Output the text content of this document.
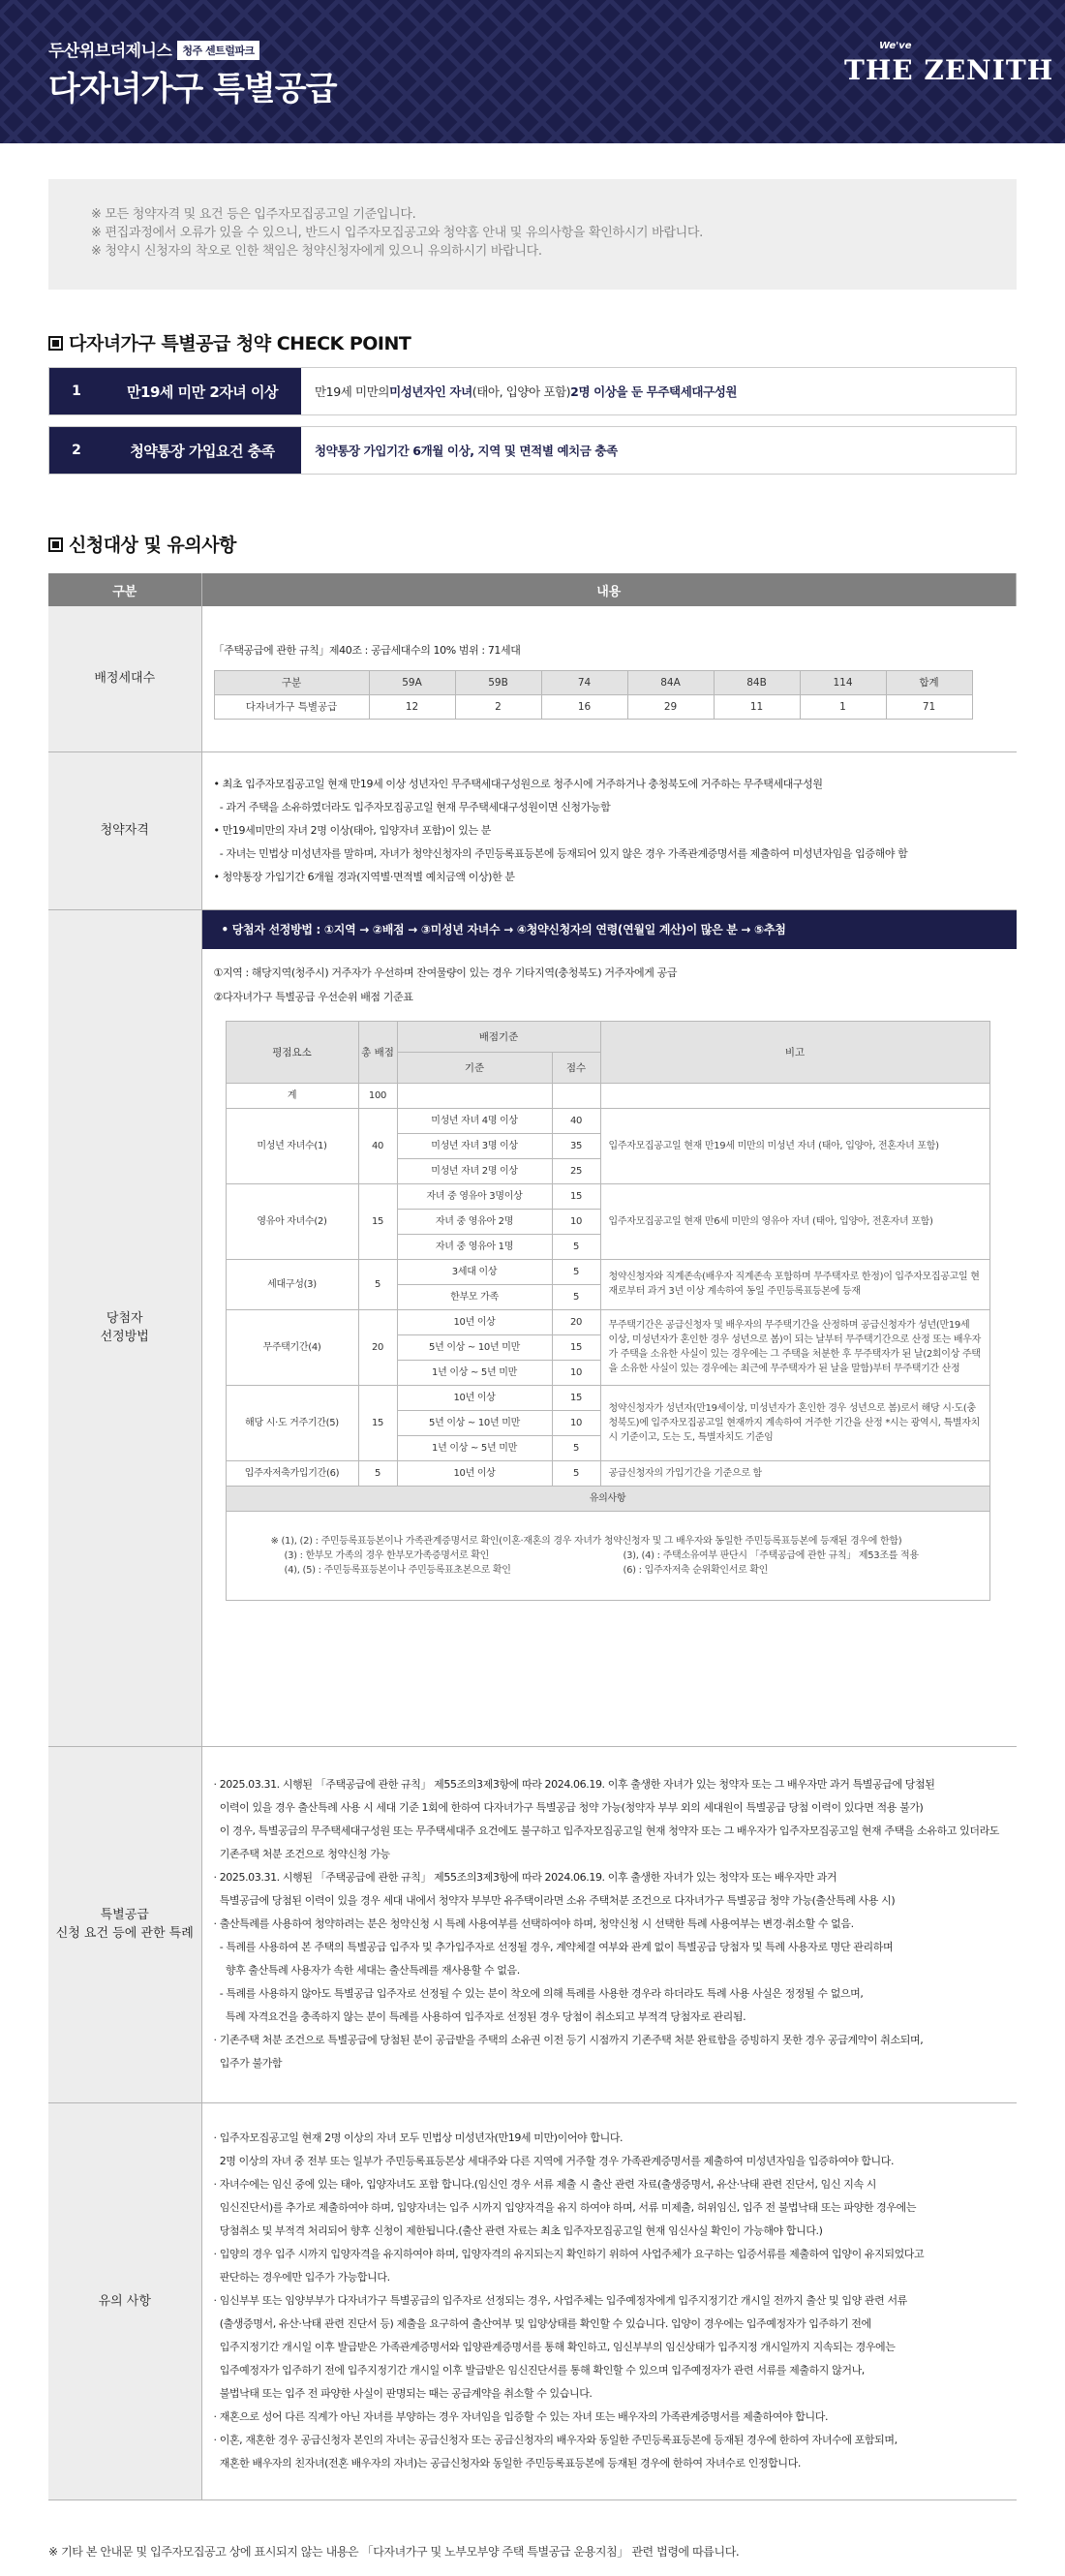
두산위브더제니스 청주 센트럴파크
다자녀가구 특별공급
We've
THE ZENITH
※ 모든 청약자격 및 요건 등은 입주자모집공고일 기준입니다.
※ 편집과정에서 오류가 있을 수 있으니, 반드시 입주자모집공고와 청약홈 안내 및 유의사항을 확인하시기 바랍니다.
※ 청약시 신청자의 착오로 인한 책임은 청약신청자에게 있으니 유의하시기 바랍니다.
다자녀가구 특별공급 청약 CHECK POINT
1	만19세 미만 2자녀 이상	만19세 미만의 미성년자인 자녀 (태아, 입양아 포함) 2명 이상을 둔 무주택세대구성원
2	청약통장 가입요건 충족	청약통장 가입기간 6개월 이상, 지역 및 면적별 예치금 충족
신청대상 및 유의사항
구분	내용
배정세대수	
「주택공급에 관한 규칙」제40조 : 공급세대수의 10% 범위 : 71세대
구분	59A	59B	74	84A	84B	114	합계
다자녀가구 특별공급	12	2	16	29	11	1	71

청약자격	
• 최초 입주자모집공고일 현재 만19세 이상 성년자인 무주택세대구성원으로 청주시에 거주하거나 충청북도에 거주하는 무주택세대구성원
- 과거 주택을 소유하였더라도 입주자모집공고일 현재 무주택세대구성원이면 신청가능함
• 만19세미만의 자녀 2명 이상(태아, 입양자녀 포함)이 있는 분
- 자녀는 민법상 미성년자를 말하며, 자녀가 청약신청자의 주민등록표등본에 등재되어 있지 않은 경우 가족관계증명서를 제출하여 미성년자임을 입증해야 함
• 청약통장 가입기간 6개월 경과(지역별·면적별 예치금액 이상)한 분

당첨자
선정방법	
• 당첨자 선정방법 : ①지역 → ②배점 → ③미성년 자녀수 → ④청약신청자의 연령(연월일 계산)이 많은 분 → ⑤추첨
①지역 : 해당지역(청주시) 거주자가 우선하며 잔여물량이 있는 경우 기타지역(충청북도) 거주자에게 공급
②다자녀가구 특별공급 우선순위 배점 기준표
평점요소	총 배점	배점기준	비고
기준	점수
계	100			
미성년 자녀수(1)	40	미성년 자녀 4명 이상	40	입주자모집공고일 현재 만19세 미만의 미성년 자녀 (태아, 입양아, 전혼자녀 포함)
미성년 자녀 3명 이상	35
미성년 자녀 2명 이상	25
영유아 자녀수(2)	15	자녀 중 영유아 3명이상	15	입주자모집공고일 현재 만6세 미만의 영유아 자녀 (태아, 입양아, 전혼자녀 포함)
자녀 중 영유아 2명	10
자녀 중 영유아 1명	5
세대구성(3)	5	3세대 이상	5	청약신청자와 직계존속(배우자 직계존속 포함하며 무주택자로 한정)이 입주자모집공고일 현재로부터 과거 3년 이상 계속하여 동일 주민등록표등본에 등재
한부모 가족	5
무주택기간(4)	20	10년 이상	20	무주택기간은 공급신청자 및 배우자의 무주택기간을 산정하며 공급신청자가 성년(만19세 이상, 미성년자가 혼인한 경우 성년으로 봄)이 되는 날부터 무주택기간으로 산정 또는 배우자가 주택을 소유한 사실이 있는 경우에는 그 주택을 처분한 후 무주택자가 된 날(2회이상 주택을 소유한 사실이 있는 경우에는 최근에 무주택자가 된 날을 말함)부터 무주택기간 산정
5년 이상 ~ 10년 미만	15
1년 이상 ~ 5년 미만	10
해당 시·도 거주기간(5)	15	10년 이상	15	청약신청자가 성년자(만19세이상, 미성년자가 혼인한 경우 성년으로 봄)로서 해당 시·도(충청북도)에 입주자모집공고일 현재까지 계속하여 거주한 기간을 산정 *시는 광역시, 특별자치시 기준이고, 도는 도, 특별자치도 기준임
5년 이상 ~ 10년 미만	10
1년 이상 ~ 5년 미만	5
입주자저축가입기간(6)	5	10년 이상	5	공급신청자의 가입기간을 기준으로 함
유의사항

※ (1), (2) : 주민등록표등본이나 가족관계증명서로 확인(이혼·재혼의 경우 자녀가 청약신청자 및 그 배우자와 동일한 주민등록표등본에 등재된 경우에 한함)
(3) : 한부모 가족의 경우 한부모가족증명서로 확인	(3), (4) : 주택소유여부 판단시 「주택공급에 관한 규칙」 제53조를 적용
(4), (5) : 주민등록표등본이나 주민등록표초본으로 확인	(6) : 입주자저축 순위확인서로 확인

특별공급
신청 요건 등에 관한 특례	
· 2025.03.31. 시행된 「주택공급에 관한 규칙」 제55조의3제3항에 따라 2024.06.19. 이후 출생한 자녀가 있는 청약자 또는 그 배우자만 과거 특별공급에 당첨된
이력이 있을 경우 출산특례 사용 시 세대 기준 1회에 한하여 다자녀가구 특별공급 청약 가능(청약자 부부 외의 세대원이 특별공급 당첨 이력이 있다면 적용 불가)
이 경우, 특별공급의 무주택세대구성원 또는 무주택세대주 요건에도 불구하고 입주자모집공고일 현재 청약자 또는 그 배우자가 입주자모집공고일 현재 주택을 소유하고 있더라도
기존주택 처분 조건으로 청약신청 가능
· 2025.03.31. 시행된 「주택공급에 관한 규칙」 제55조의3제3항에 따라 2024.06.19. 이후 출생한 자녀가 있는 청약자 또는 배우자만 과거
특별공급에 당첨된 이력이 있을 경우 세대 내에서 청약자 부부만 유주택이라면 소유 주택처분 조건으로 다자녀가구 특별공급 청약 가능(출산특례 사용 시)
· 출산특례를 사용하여 청약하려는 분은 청약신청 시 특례 사용여부를 선택하여야 하며, 청약신청 시 선택한 특례 사용여부는 변경·취소할 수 없음.
- 특례를 사용하여 본 주택의 특별공급 입주자 및 추가입주자로 선정될 경우, 계약체결 여부와 관계 없이 특별공급 당첨자 및 특례 사용자로 명단 관리하며
향후 출산특례 사용자가 속한 세대는 출산특례를 재사용할 수 없음.
- 특례를 사용하지 않아도 특별공급 입주자로 선정될 수 있는 분이 착오에 의해 특례를 사용한 경우라 하더라도 특례 사용 사실은 정정될 수 없으며,
특례 자격요건을 충족하지 않는 분이 특례를 사용하여 입주자로 선정된 경우 당첨이 취소되고 부적격 당첨자로 관리됨.
· 기존주택 처분 조건으로 특별공급에 당첨된 분이 공급받을 주택의 소유권 이전 등기 시점까지 기존주택 처분 완료함을 증빙하지 못한 경우 공급계약이 취소되며,
입주가 불가함

유의 사항	
· 입주자모집공고일 현재 2명 이상의 자녀 모두 민법상 미성년자(만19세 미만)이어야 합니다.
2명 이상의 자녀 중 전부 또는 일부가 주민등록표등본상 세대주와 다른 지역에 거주할 경우 가족관계증명서를 제출하여 미성년자임을 입증하여야 합니다.
· 자녀수에는 임신 중에 있는 태아, 입양자녀도 포함 합니다.(임신인 경우 서류 제출 시 출산 관련 자료(출생증명서, 유산·낙태 관련 진단서, 임신 지속 시
임신진단서)를 추가로 제출하여야 하며, 입양자녀는 입주 시까지 입양자격을 유지 하여야 하며, 서류 미제출, 허위임신, 입주 전 불법낙태 또는 파양한 경우에는
당첨취소 및 부적격 처리되어 향후 신청이 제한됩니다.(출산 관련 자료는 최초 입주자모집공고일 현재 임신사실 확인이 가능해야 합니다.)
· 입양의 경우 입주 시까지 입양자격을 유지하여야 하며, 입양자격의 유지되는지 확인하기 위하여 사업주체가 요구하는 입증서류를 제출하여 입양이 유지되었다고
판단하는 경우에만 입주가 가능합니다.
· 임신부부 또는 임양부부가 다자녀가구 특별공급의 입주자로 선정되는 경우, 사업주체는 입주예정자에게 입주지정기간 개시일 전까지 출산 및 입양 관련 서류
(출생증명서, 유산·낙태 관련 진단서 등) 제출을 요구하여 출산여부 및 입양상태를 확인할 수 있습니다. 입양이 경우에는 입주예정자가 입주하기 전에
입주지정기간 개시일 이후 발급받은 가족관계증명서와 입양관계증명서를 통해 확인하고, 임신부부의 임신상태가 입주지정 개시일까지 지속되는 경우에는
입주예정자가 입주하기 전에 입주지정기간 개시일 이후 발급받은 임신진단서를 통해 확인할 수 있으며 입주예정자가 관련 서류를 제출하지 않거나,
불법낙태 또는 입주 전 파양한 사실이 판명되는 때는 공급계약을 취소할 수 있습니다.
· 재혼으로 성어 다른 직계가 아닌 자녀를 부양하는 경우 자녀임을 입증할 수 있는 자녀 또는 배우자의 가족관계증명서를 제출하여야 합니다.
· 이혼, 재혼한 경우 공급신청자 본인의 자녀는 공급신청자 또는 공급신청자의 배우자와 동일한 주민등록표등본에 등재된 경우에 한하여 자녀수에 포함되며,
재혼한 배우자의 친자녀(전혼 배우자의 자녀)는 공급신청자와 동일한 주민등록표등본에 등재된 경우에 한하여 자녀수로 인정합니다.
※ 기타 본 안내문 및 입주자모집공고 상에 표시되지 않는 내용은 「다자녀가구 및 노부모부양 주택 특별공급 운용지침」 관련 법령에 따릅니다.
